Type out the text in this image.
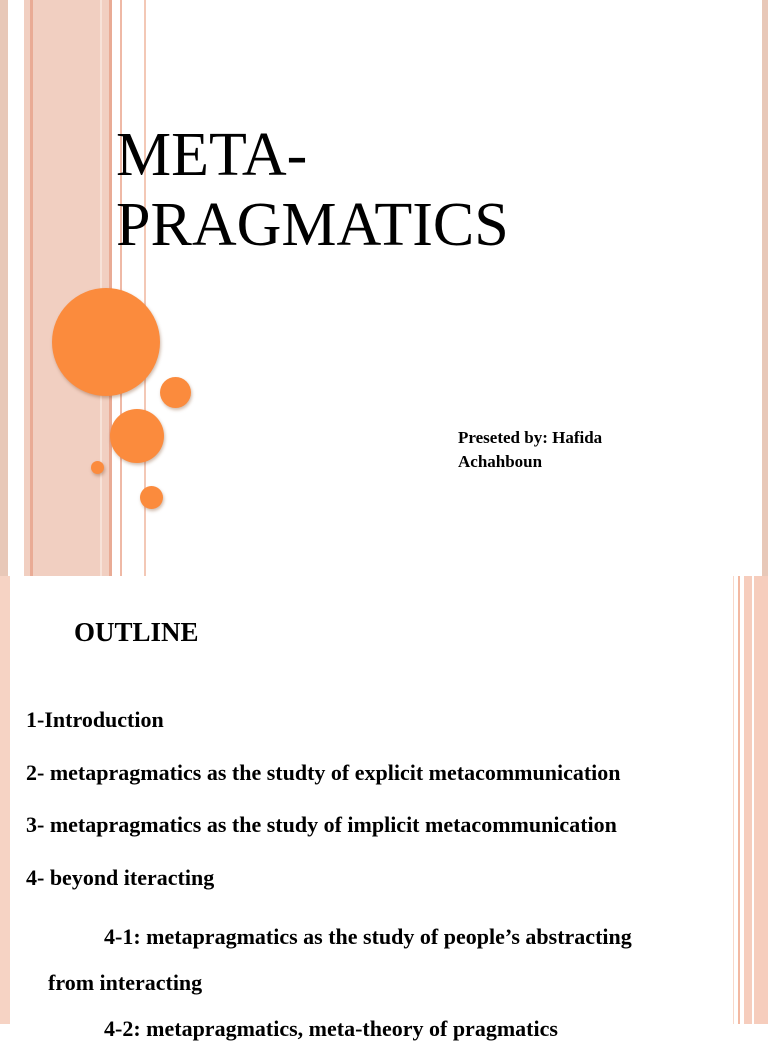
META-
PRAGMATICS
Preseted by: Hafida
Achahboun
OUTLINE
1-Introduction
2- metapragmatics as the studty of explicit metacommunication
3- metapragmatics as the study of implicit metacommunication
4- beyond iteracting
4-1: metapragmatics as the study of people’s abstracting
from interacting
4-2: metapragmatics, meta-theory of pragmatics
